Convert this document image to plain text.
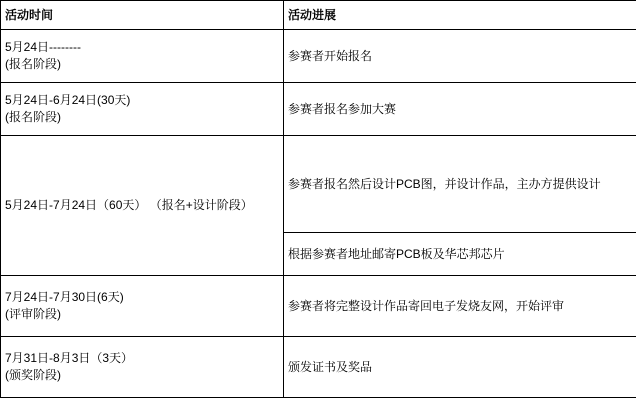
活动时间	活动进展
5月24日--------
(报名阶段)	参赛者开始报名
5月24日-6月24日(30天)
(报名阶段)	参赛者报名参加大赛
5月24日-7月24日（60天） （报名+设计阶段）	参赛者报名然后设计PCB图，并设计作品，主办方提供设计

	根据参赛者地址邮寄PCB板及华芯邦芯片

7月24日-7月30日(6天)
(评审阶段)	参赛者将完整设计作品寄回电子发烧友网，开始评审

7月31日-8月3日（3天）
(颁奖阶段)	颁发证书及奖品
